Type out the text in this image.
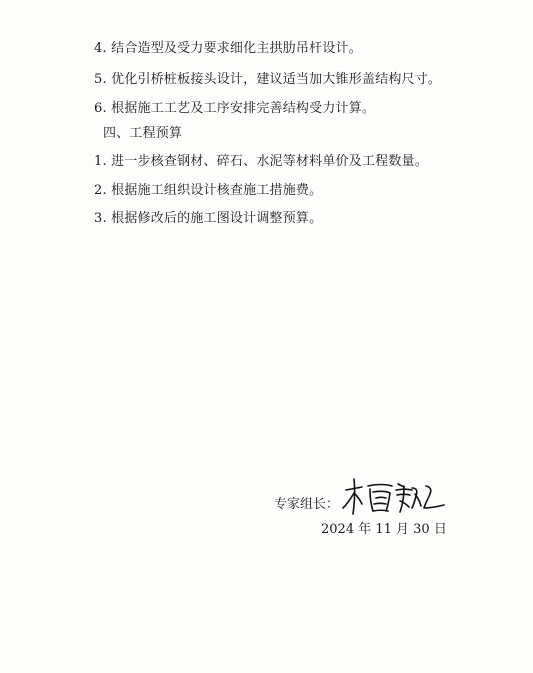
4. 结合造型及受力要求细化主拱肋吊杆设计。
5. 优化引桥桩板接头设计，建议适当加大锥形盖结构尺寸。
6. 根据施工工艺及工序安排完善结构受力计算。
四、工程预算
1. 进一步核查钢材、碎石、水泥等材料单价及工程数量。
2. 根据施工组织设计核查施工措施费。
3. 根据修改后的施工图设计调整预算。
专家组长：
2024 年 11 月 30 日
